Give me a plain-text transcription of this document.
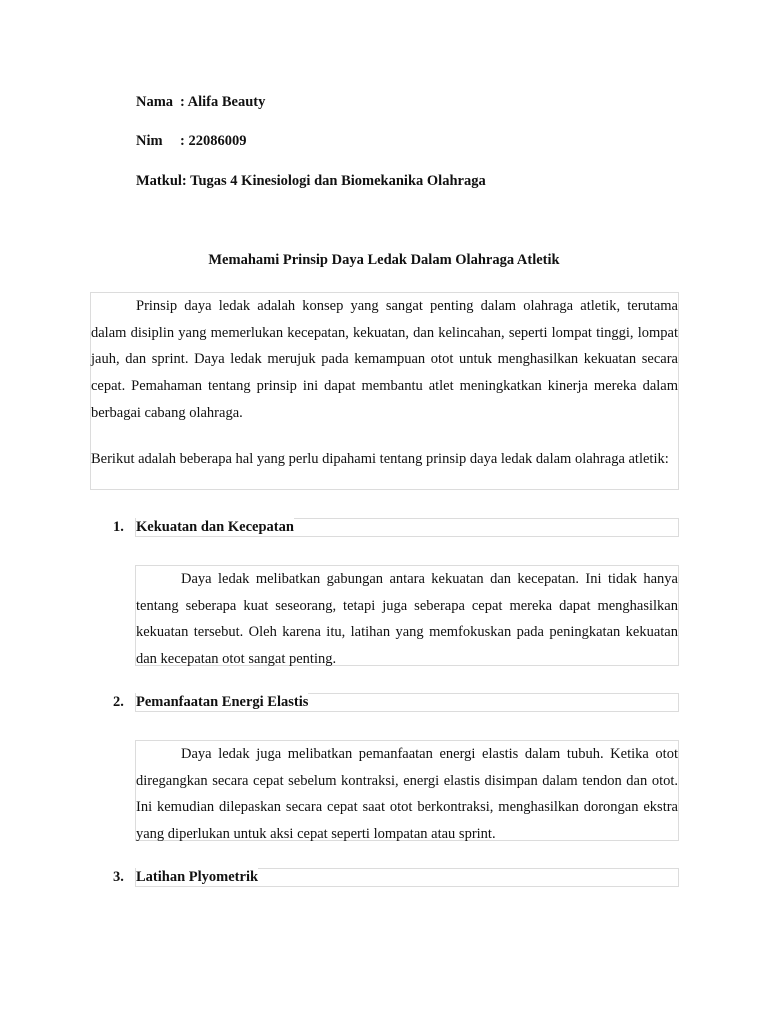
Nama : Alifa Beauty
Nim : 22086009
Matkul: Tugas 4 Kinesiologi dan Biomekanika Olahraga
Memahami Prinsip Daya Ledak Dalam Olahraga Atletik

Prinsip daya ledak adalah konsep yang sangat penting dalam olahraga atletik, terutama dalam disiplin yang memerlukan kecepatan, kekuatan, dan kelincahan, seperti lompat tinggi, lompat jauh, dan sprint. Daya ledak merujuk pada kemampuan otot untuk menghasilkan kekuatan secara cepat. Pemahaman tentang prinsip ini dapat membantu atlet meningkatkan kinerja mereka dalam berbagai cabang olahraga.

Berikut adalah beberapa hal yang perlu dipahami tentang prinsip daya ledak dalam olahraga atletik:

1. Kekuatan dan Kecepatan

Daya ledak melibatkan gabungan antara kekuatan dan kecepatan. Ini tidak hanya tentang seberapa kuat seseorang, tetapi juga seberapa cepat mereka dapat menghasilkan kekuatan tersebut. Oleh karena itu, latihan yang memfokuskan pada peningkatan kekuatan dan kecepatan otot sangat penting.

2. Pemanfaatan Energi Elastis

Daya ledak juga melibatkan pemanfaatan energi elastis dalam tubuh. Ketika otot diregangkan secara cepat sebelum kontraksi, energi elastis disimpan dalam tendon dan otot. Ini kemudian dilepaskan secara cepat saat otot berkontraksi, menghasilkan dorongan ekstra yang diperlukan untuk aksi cepat seperti lompatan atau sprint.

3. Latihan Plyometrik
